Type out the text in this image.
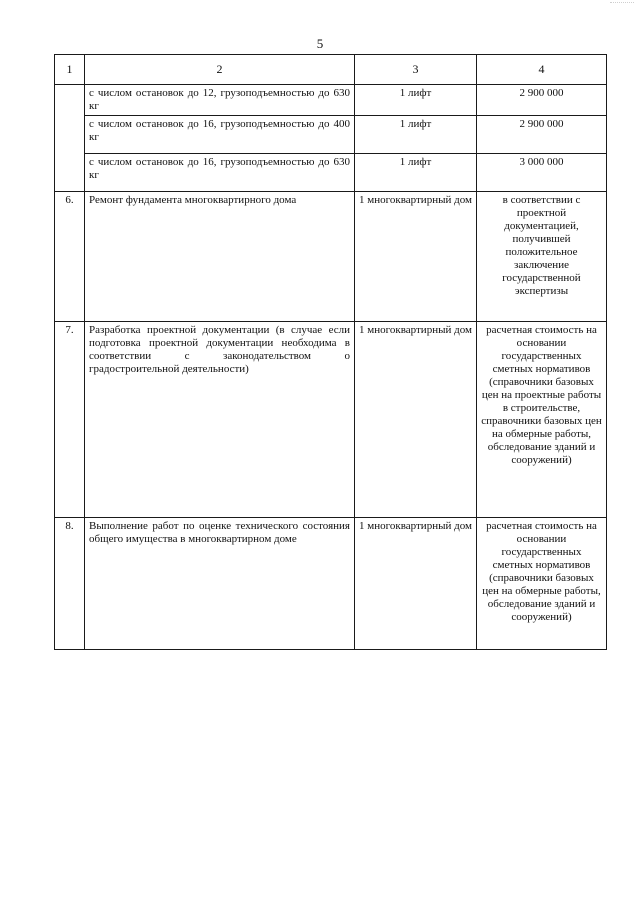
5
1	2	3	4
	с числом остановок до 12, грузоподъемностью до 630 кг	1 лифт	2 900 000
	с числом остановок до 16, грузоподъемностью до 400 кг	1 лифт	2 900 000
	с числом остановок до 16, грузоподъемностью до 630 кг	1 лифт	3 000 000
6.	Ремонт фундамента многоквартирного дома	1 многоквартирный дом	в соответствии с проектной документацией, получившей положительное заключение государственной экспертизы
7.	Разработка проектной документации (в случае если подготовка проектной документации необходима в соответствии с законодательством о градостроительной деятельности)	1 многоквартирный дом	расчетная стоимость на основании государственных сметных нормативов (справочники базовых цен на проектные работы в строительстве, справочники базовых цен на обмерные работы, обследование зданий и сооружений)
8.	Выполнение работ по оценке технического состояния общего имущества в многоквартирном доме	1 многоквартирный дом	расчетная стоимость на основании государственных сметных нормативов (справочники базовых цен на обмерные работы, обследование зданий и сооружений)
